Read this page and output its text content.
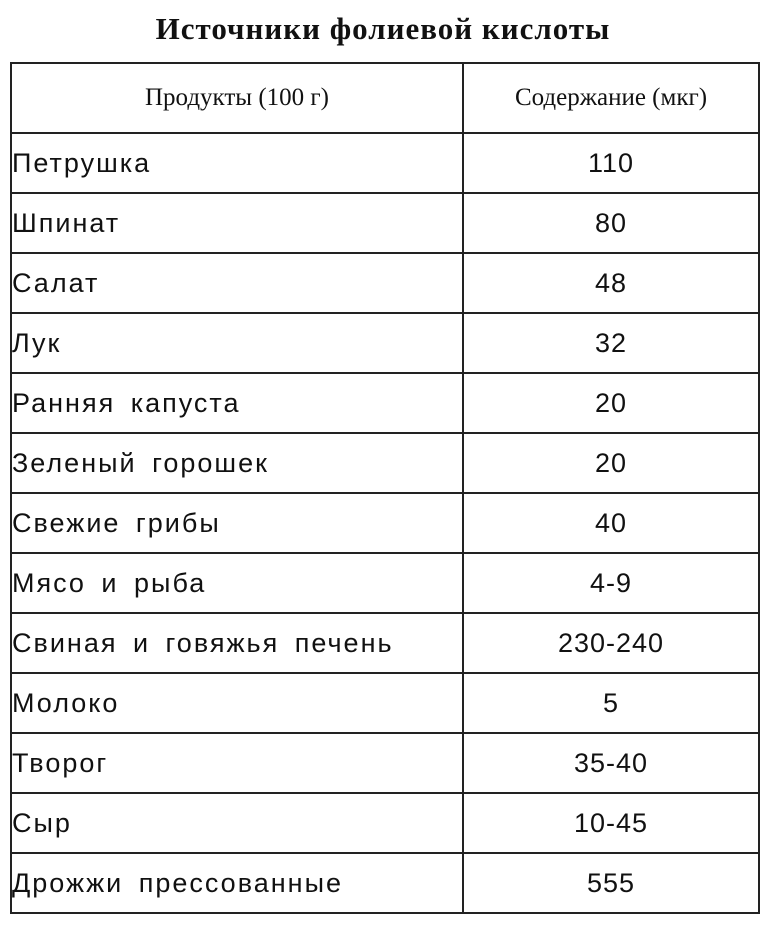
Источники фолиевой кислоты
Продукты (100 г)	Содержание (мкг)
Петрушка	110
Шпинат	80
Салат	48
Лук	32
Ранняя капуста	20
Зеленый горошек	20
Свежие грибы	40
Мясо и рыба	4-9
Свиная и говяжья печень	230-240
Молоко	5
Творог	35-40
Сыр	10-45
Дрожжи прессованные	555
